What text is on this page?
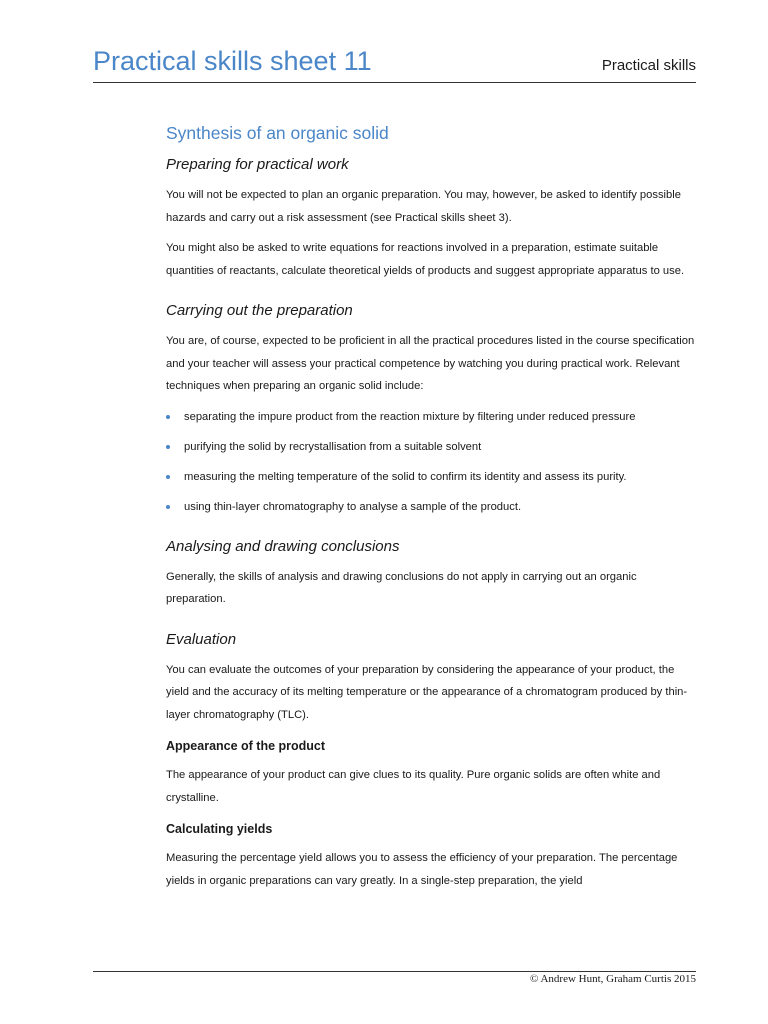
Practical skills sheet 11	Practical skills
Synthesis of an organic solid
Preparing for practical work

You will not be expected to plan an organic preparation. You may, however, be asked to identify possible hazards and carry out a risk assessment (see Practical skills sheet 3).

You might also be asked to write equations for reactions involved in a preparation, estimate suitable quantities of reactants, calculate theoretical yields of products and suggest appropriate apparatus to use.

Carrying out the preparation

You are, of course, expected to be proficient in all the practical procedures listed in the course specification and your teacher will assess your practical competence by watching you during practical work. Relevant techniques when preparing an organic solid include:

separating the impure product from the reaction mixture by filtering under reduced pressure
purifying the solid by recrystallisation from a suitable solvent
measuring the melting temperature of the solid to confirm its identity and assess its purity.
using thin-layer chromatography to analyse a sample of the product.
Analysing and drawing conclusions

Generally, the skills of analysis and drawing conclusions do not apply in carrying out an organic preparation.

Evaluation

You can evaluate the outcomes of your preparation by considering the appearance of your product, the yield and the accuracy of its melting temperature or the appearance of a chromatogram produced by thin-layer chromatography (TLC).

Appearance of the product

The appearance of your product can give clues to its quality. Pure organic solids are often white and crystalline.

Calculating yields

Measuring the percentage yield allows you to assess the efficiency of your preparation. The percentage yields in organic preparations can vary greatly. In a single-step preparation, the yield

© Andrew Hunt, Graham Curtis 2015
